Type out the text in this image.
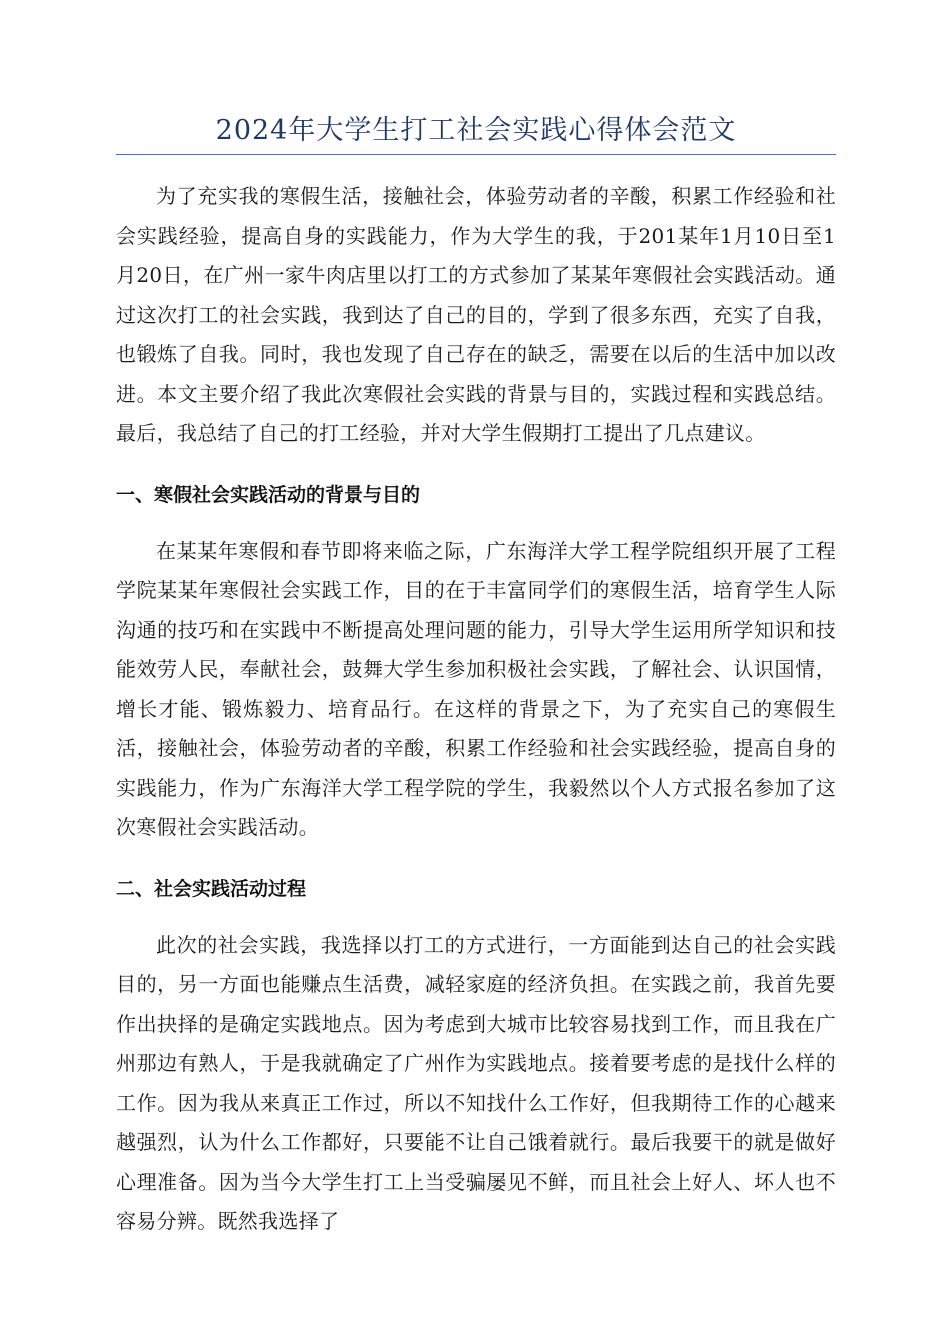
2024年大学生打工社会实践心得体会范文

为了充实我的寒假生活，接触社会，体验劳动者的辛酸，积累工作经验和社会实践经验，提高自身的实践能力，作为大学生的我，于201某年1月10日至1月20日，在广州一家牛肉店里以打工的方式参加了某某年寒假社会实践活动。通过这次打工的社会实践，我到达了自己的目的，学到了很多东西，充实了自我，也锻炼了自我。同时，我也发现了自己存在的缺乏，需要在以后的生活中加以改进。本文主要介绍了我此次寒假社会实践的背景与目的，实践过程和实践总结。最后，我总结了自己的打工经验，并对大学生假期打工提出了几点建议。

一、寒假社会实践活动的背景与目的

在某某年寒假和春节即将来临之际，广东海洋大学工程学院组织开展了工程学院某某年寒假社会实践工作，目的在于丰富同学们的寒假生活，培育学生人际沟通的技巧和在实践中不断提高处理问题的能力，引导大学生运用所学知识和技能效劳人民，奉献社会，鼓舞大学生参加积极社会实践，了解社会、认识国情，增长才能、锻炼毅力、培育品行。在这样的背景之下，为了充实自己的寒假生活，接触社会，体验劳动者的辛酸，积累工作经验和社会实践经验，提高自身的实践能力，作为广东海洋大学工程学院的学生，我毅然以个人方式报名参加了这次寒假社会实践活动。

二、社会实践活动过程

此次的社会实践，我选择以打工的方式进行，一方面能到达自己的社会实践目的，另一方面也能赚点生活费，减轻家庭的经济负担。在实践之前，我首先要作出抉择的是确定实践地点。因为考虑到大城市比较容易找到工作，而且我在广州那边有熟人，于是我就确定了广州作为实践地点。接着要考虑的是找什么样的工作。因为我从来真正工作过，所以不知找什么工作好，但我期待工作的心越来越强烈，认为什么工作都好，只要能不让自己饿着就行。最后我要干的就是做好心理准备。因为当今大学生打工上当受骗屡见不鲜，而且社会上好人、坏人也不容易分辨。既然我选择了
